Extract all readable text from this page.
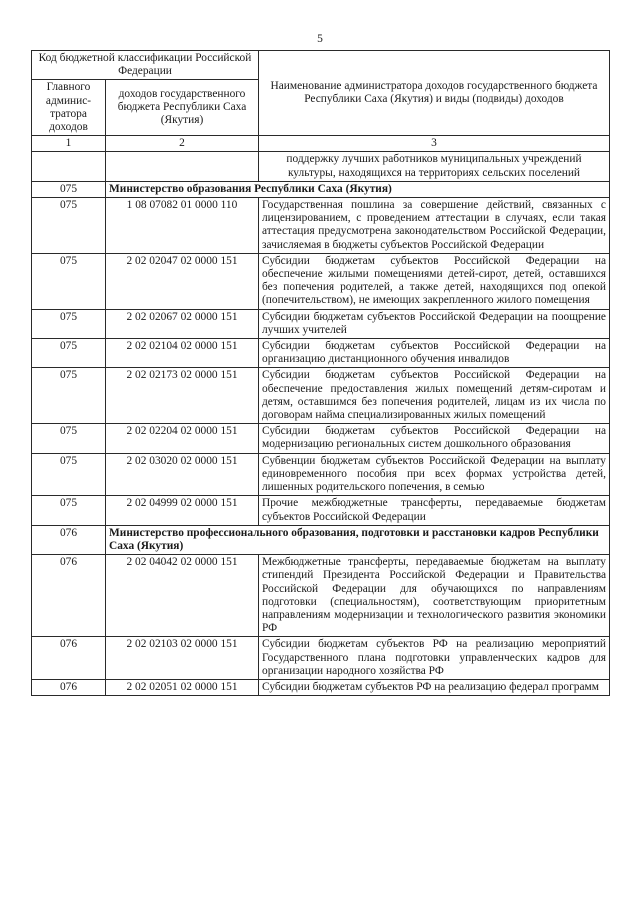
5
Код бюджетной классификации Российской Федерации		Наименование администратора доходов государственного бюджета Республики Саха (Якутия) и виды (подвиды) доходов
Главного админис-тратора доходов	доходов государственного бюджета Республики Саха (Якутия)	
1	2	3
		поддержку лучших работников муниципальных учреждений культуры, находящихся на территориях сельских поселений
075	Министерство образования Республики Саха (Якутия)	
075	1 08 07082 01 0000 110	Государственная пошлина за совершение действий, связанных с лицензированием, с проведением аттестации в случаях, если такая аттестация предусмотрена законодательством Российской Федерации, зачисляемая в бюджеты субъектов Российской Федерации
075	2 02 02047 02 0000 151	Субсидии бюджетам субъектов Российской Федерации на обеспечение жилыми помещениями детей-сирот, детей, оставшихся без попечения родителей, а также детей, находящихся под опекой (попечительством), не имеющих закрепленного жилого помещения
075	2 02 02067 02 0000 151	Субсидии бюджетам субъектов Российской Федерации на поощрение лучших учителей
075	2 02 02104 02 0000 151	Субсидии бюджетам субъектов Российской Федерации на организацию дистанционного обучения инвалидов
075	2 02 02173 02 0000 151	Субсидии бюджетам субъектов Российской Федерации на обеспечение предоставления жилых помещений детям-сиротам и детям, оставшимся без попечения родителей, лицам из их числа по договорам найма специализированных жилых помещений
075	2 02 02204 02 0000 151	Субсидии бюджетам субъектов Российской Федерации на модернизацию региональных систем дошкольного образования
075	2 02 03020 02 0000 151	Субвенции бюджетам субъектов Российской Федерации на выплату единовременного пособия при всех формах устройства детей, лишенных родительского попечения, в семью
075	2 02 04999 02 0000 151	Прочие межбюджетные трансферты, передаваемые бюджетам субъектов Российской Федерации
076	Министерство профессионального образования, подготовки и расстановки кадров Республики Саха (Якутия)	
076	2 02 04042 02 0000 151	Межбюджетные трансферты, передаваемые бюджетам на выплату стипендий Президента Российской Федерации и Правительства Российской Федерации для обучающихся по направлениям подготовки (специальностям), соответствующим приоритетным направлениям модернизации и технологического развития экономики РФ
076	2 02 02103 02 0000 151	Субсидии бюджетам субъектов РФ на реализацию мероприятий Государственного плана подготовки управленческих кадров для организации народного хозяйства РФ
076	2 02 02051 02 0000 151	Субсидии бюджетам субъектов РФ на реализацию федерал программ
